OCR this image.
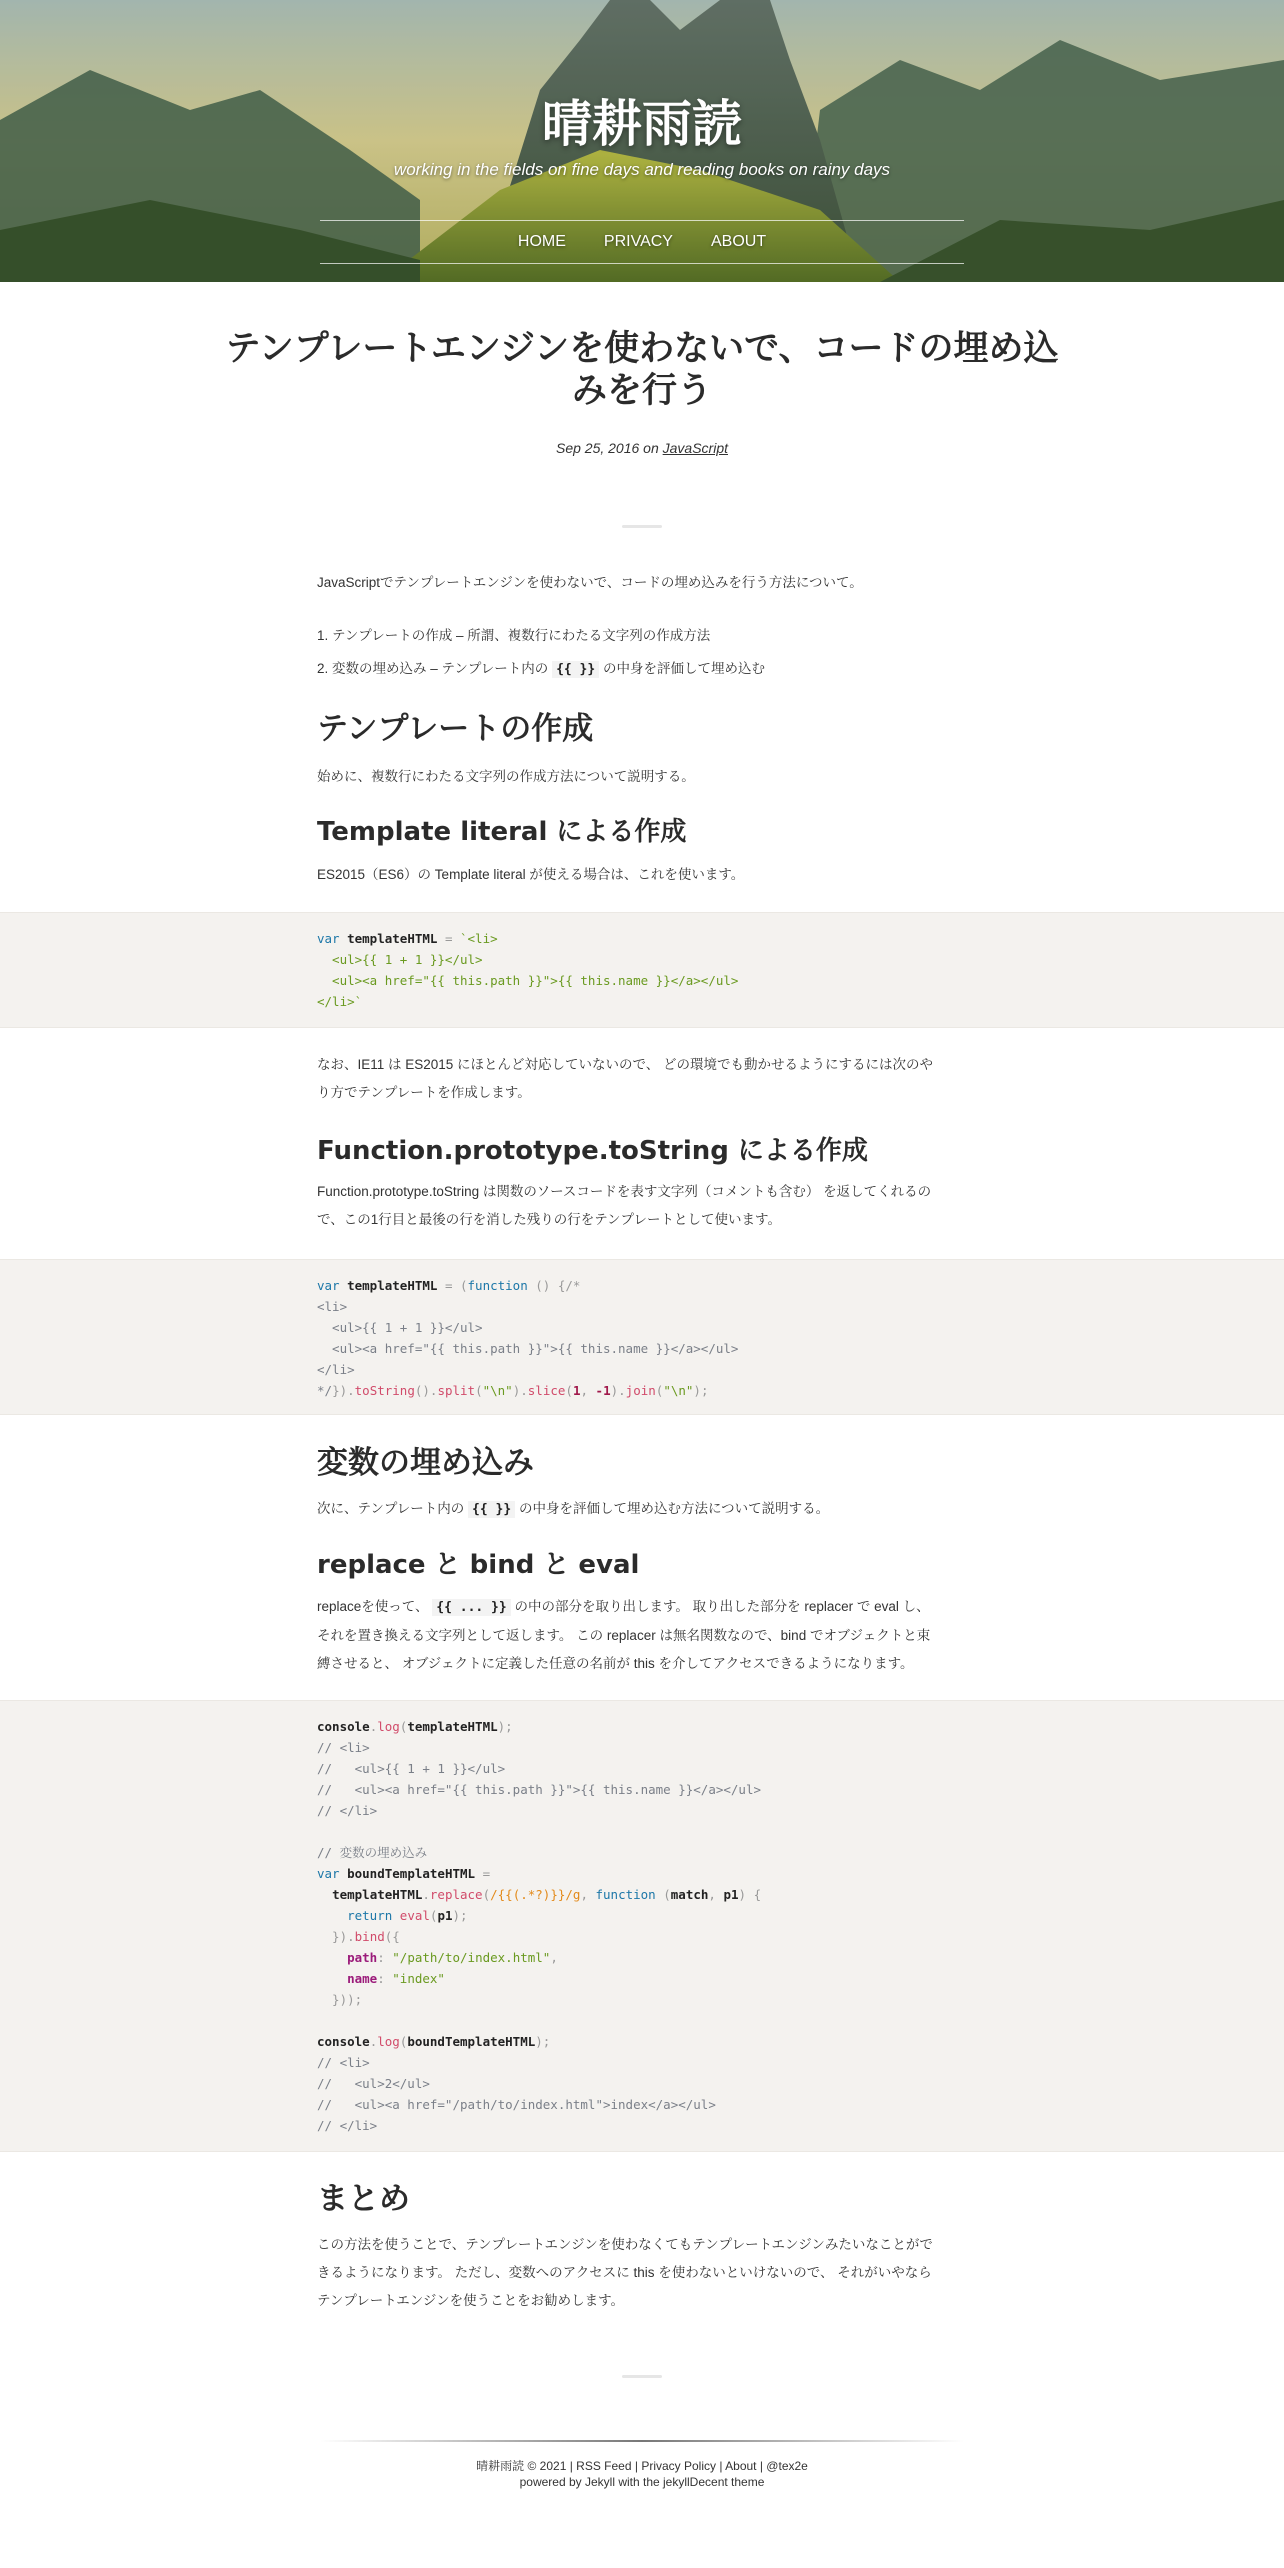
晴耕雨読
working in the fields on fine days and reading books on rainy days
HOME PRIVACY ABOUT
テンプレートエンジンを使わないで、コードの埋め込
みを行う
Sep 25, 2016 on JavaScript
JavaScriptでテンプレートエンジンを使わないで、コードの埋め込みを行う方法について。
1. テンプレートの作成 – 所謂、複数行にわたる文字列の作成方法
2. 変数の埋め込み – テンプレート内の {{ }} の中身を評価して埋め込む
テンプレートの作成
始めに、複数行にわたる文字列の作成方法について説明する。
Template literal による作成
ES2015（ES6）の Template literal が使える場合は、これを使います。
var templateHTML = `<li>
<ul>{{ 1 + 1 }}</ul>
<ul><a href="{{ this.path }}">{{ this.name }}</a></ul>
</li>`
なお、IE11 は ES2015 にほとんど対応していないので、 どの環境でも動かせるようにするには次のや
り方でテンプレートを作成します。
Function.prototype.toString による作成
Function.prototype.toString は関数のソースコードを表す文字列（コメントも含む） を返してくれるの
で、この1行目と最後の行を消した残りの行をテンプレートとして使います。
var templateHTML = (function () {/*
<li>
<ul>{{ 1 + 1 }}</ul>
<ul><a href="{{ this.path }}">{{ this.name }}</a></ul>
</li>
*/}).toString().split("\n").slice(1, -1).join("\n");
変数の埋め込み
次に、テンプレート内の {{ }} の中身を評価して埋め込む方法について説明する。
replace と bind と eval
replaceを使って、 {{ ... }} の中の部分を取り出します。 取り出した部分を replacer で eval し、
それを置き換える文字列として返します。 この replacer は無名関数なので、bind でオブジェクトと束
縛させると、 オブジェクトに定義した任意の名前が this を介してアクセスできるようになります。
console.log(templateHTML);
// <li>
//   <ul>{{ 1 + 1 }}</ul>
//   <ul><a href="{{ this.path }}">{{ this.name }}</a></ul>
// </li>

// 変数の埋め込み
var boundTemplateHTML =
templateHTML.replace(/{{(.*?)}}/g, function (match, p1) {
return eval(p1);
}).bind({
path: "/path/to/index.html",
name: "index"
}));

console.log(boundTemplateHTML);
// <li>
//   <ul>2</ul>
//   <ul><a href="/path/to/index.html">index</a></ul>
// </li>
まとめ
この方法を使うことで、テンプレートエンジンを使わなくてもテンプレートエンジンみたいなことがで
きるようになります。 ただし、変数へのアクセスに this を使わないといけないので、 それがいやなら
テンプレートエンジンを使うことをお勧めします。
晴耕雨読 © 2021 | RSS Feed | Privacy Policy | About | @tex2e
powered by Jekyll with the jekyllDecent theme
